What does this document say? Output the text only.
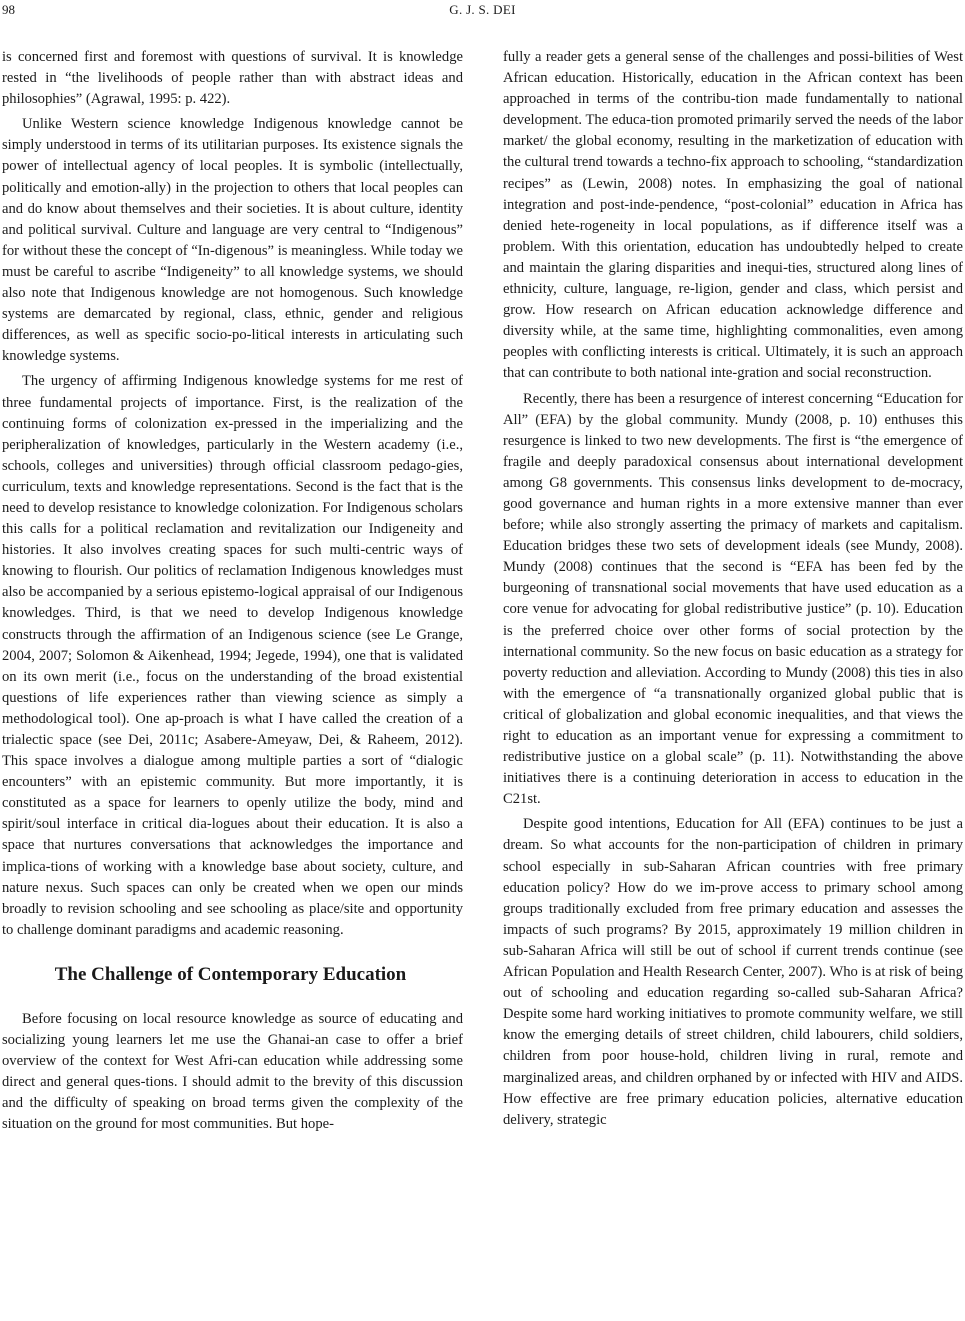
98	G. J. S. DEI

is concerned first and foremost with questions of survival. It is knowledge rested in “the livelihoods of people rather than with abstract ideas and philosophies” (Agrawal, 1995: p. 422).

Unlike Western science knowledge Indigenous knowledge cannot be simply understood in terms of its utilitarian purposes. Its existence signals the power of intellectual agency of local peoples. It is symbolic (intellectually, politically and emotion-ally) in the projection to others that local peoples can and do know about themselves and their societies. It is about culture, identity and political survival. Culture and language are very central to “Indigenous” for without these the concept of “In-digenous” is meaningless. While today we must be careful to ascribe “Indigeneity” to all knowledge systems, we should also note that Indigenous knowledge are not homogenous. Such knowledge systems are demarcated by regional, class, ethnic, gender and religious differences, as well as specific socio-po-litical interests in articulating such knowledge systems.

The urgency of affirming Indigenous knowledge systems for me rest of three fundamental projects of importance. First, is the realization of the continuing forms of colonization ex-pressed in the imperializing and the peripheralization of knowledges, particularly in the Western academy (i.e., schools, colleges and universities) through official classroom pedago-gies, curriculum, texts and knowledge representations. Second is the fact that is the need to develop resistance to knowledge colonization. For Indigenous scholars this calls for a political reclamation and revitalization our Indigeneity and histories. It also involves creating spaces for such multi-centric ways of knowing to flourish. Our politics of reclamation Indigenous knowledges must also be accompanied by a serious epistemo-logical appraisal of our Indigenous knowledges. Third, is that we need to develop Indigenous knowledge constructs through the affirmation of an Indigenous science (see Le Grange, 2004, 2007; Solomon & Aikenhead, 1994; Jegede, 1994), one that is validated on its own merit (i.e., focus on the understanding of the broad existential questions of life experiences rather than viewing science as simply a methodological tool). One ap-proach is what I have called the creation of a trialectic space (see Dei, 2011c; Asabere-Ameyaw, Dei, & Raheem, 2012). This space involves a dialogue among multiple parties a sort of “dialogic encounters” with an epistemic community. But more importantly, it is constituted as a space for learners to openly utilize the body, mind and spirit/soul interface in critical dia-logues about their education. It is also a space that nurtures conversations that acknowledges the importance and implica-tions of working with a knowledge base about society, culture, and nature nexus. Such spaces can only be created when we open our minds broadly to revision schooling and see schooling as place/site and opportunity to challenge dominant paradigms and academic reasoning.

The Challenge of Contemporary Education

Before focusing on local resource knowledge as source of educating and socializing young learners let me use the Ghanai-an case to offer a brief overview of the context for West Afri-can education while addressing some direct and general ques-tions. I should admit to the brevity of this discussion and the difficulty of speaking on broad terms given the complexity of the situation on the ground for most communities. But hope-

fully a reader gets a general sense of the challenges and possi-bilities of West African education. Historically, education in the African context has been approached in terms of the contribu-tion made fundamentally to national development. The educa-tion promoted primarily served the needs of the labor market/ the global economy, resulting in the marketization of education with the cultural trend towards a techno-fix approach to schooling, “standardization recipes” as (Lewin, 2008) notes. In emphasizing the goal of national integration and post-inde-pendence, “post-colonial” education in Africa has denied hete-rogeneity in local populations, as if difference itself was a problem. With this orientation, education has undoubtedly helped to create and maintain the glaring disparities and inequi-ties, structured along lines of ethnicity, culture, language, re-ligion, gender and class, which persist and grow. How research on African education acknowledge difference and diversity while, at the same time, highlighting commonalities, even among peoples with conflicting interests is critical. Ultimately, it is such an approach that can contribute to both national inte-gration and social reconstruction.

Recently, there has been a resurgence of interest concerning “Education for All” (EFA) by the global community. Mundy (2008, p. 10) enthuses this resurgence is linked to two new developments. The first is “the emergence of fragile and deeply paradoxical consensus about international development among G8 governments. This consensus links development to de-mocracy, good governance and human rights in a more extensive manner than ever before; while also strongly asserting the primacy of markets and capitalism. Education bridges these two sets of development ideals (see Mundy, 2008). Mundy (2008) continues that the second is “EFA has been fed by the burgeoning of transnational social movements that have used education as a core venue for advocating for global redistributive justice” (p. 10). Education is the preferred choice over other forms of social protection by the international community. So the new focus on basic education as a strategy for poverty reduction and alleviation. According to Mundy (2008) this ties in also with the emergence of “a transnationally organized global public that is critical of globalization and global economic inequalities, and that views the right to education as an important venue for expressing a commitment to redistributive justice on a global scale” (p. 11). Notwithstanding the above initiatives there is a continuing deterioration in access to education in the C21st.

Despite good intentions, Education for All (EFA) continues to be just a dream. So what accounts for the non-participation of children in primary school especially in sub-Saharan African countries with free primary education policy? How do we im-prove access to primary school among groups traditionally excluded from free primary education and assesses the impacts of such programs? By 2015, approximately 19 million children in sub-Saharan Africa will still be out of school if current trends continue (see African Population and Health Research Center, 2007). Who is at risk of being out of schooling and education regarding so-called sub-Saharan Africa? Despite some hard working initiatives to promote community welfare, we still know the emerging details of street children, child labourers, child soldiers, children from poor house-hold, children living in rural, remote and marginalized areas, and children orphaned by or infected with HIV and AIDS. How effective are free primary education policies, alternative education delivery, strategic
